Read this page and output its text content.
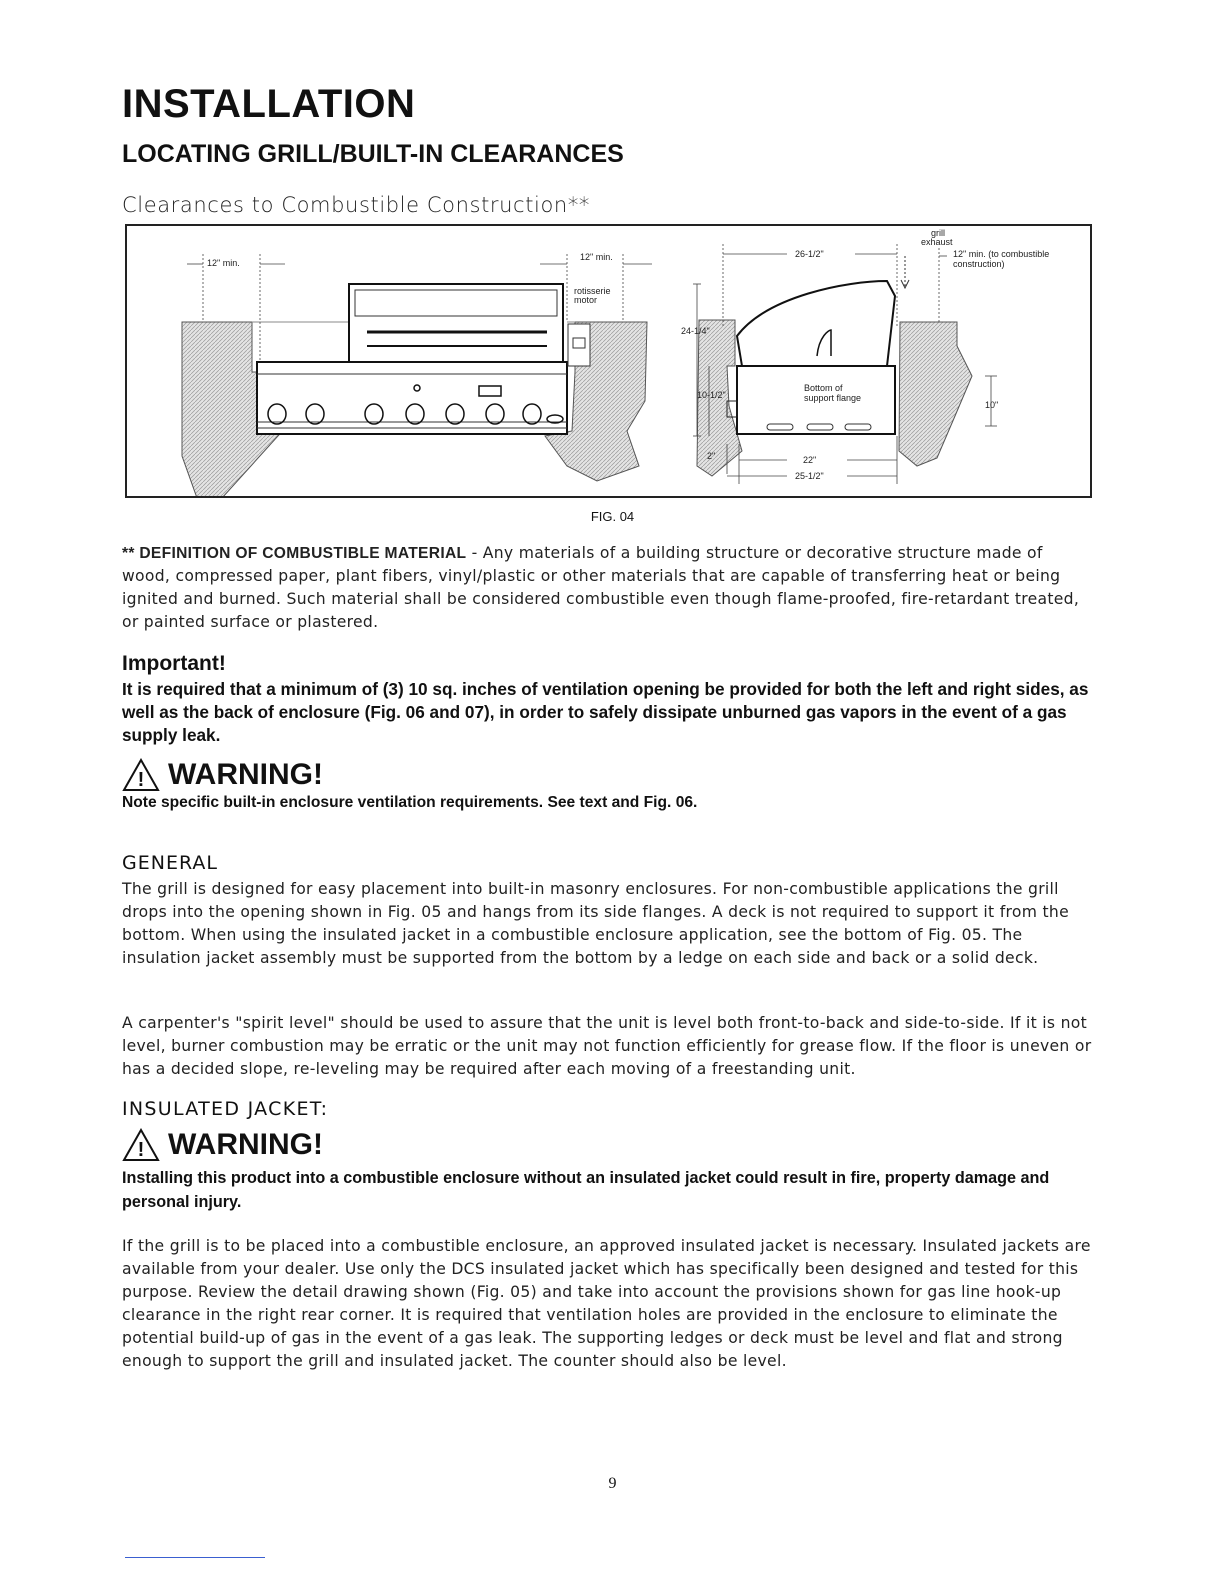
INSTALLATION
LOCATING GRILL/BUILT-IN CLEARANCES
Clearances to Combustible Construction**
12" min.
12" min.
rotisserie
motor
grill
exhaust
12" min. (to combustible
construction)
26-1/2"
24-1/4"
10-1/2"
10"
2"	22"
25-1/2"
Bottom of
support flange
FIG. 04
** DEFINITION OF COMBUSTIBLE MATERIAL - Any materials of a building structure or decorative structure made of wood, compressed paper, plant fibers, vinyl/plastic or other materials that are capable of transferring heat or being ignited and burned. Such material shall be considered combustible even though flame-proofed, fire-retardant treated, or painted surface or plastered.
Important!
It is required that a minimum of (3) 10 sq. inches of ventilation opening be provided for both the left and right sides, as well as the back of enclosure (Fig. 06 and 07), in order to safely dissipate unburned gas vapors in the event of a gas supply leak.
! WARNING!
Note specific built-in enclosure ventilation requirements. See text and Fig. 06.
GENERAL
The grill is designed for easy placement into built-in masonry enclosures. For non-combustible applications the grill drops into the opening shown in Fig. 05 and hangs from its side flanges. A deck is not required to support it from the bottom. When using the insulated jacket in a combustible enclosure application, see the bottom of Fig. 05. The insulation jacket assembly must be supported from the bottom by a ledge on each side and back or a solid deck.
A carpenter's "spirit level" should be used to assure that the unit is level both front-to-back and side-to-side. If it is not level, burner combustion may be erratic or the unit may not function efficiently for grease flow. If the floor is uneven or has a decided slope, re-leveling may be required after each moving of a freestanding unit.
INSULATED JACKET:
! WARNING!
Installing this product into a combustible enclosure without an insulated jacket could result in fire, property damage and personal injury.
If the grill is to be placed into a combustible enclosure, an approved insulated jacket is necessary. Insulated jackets are available from your dealer. Use only the DCS insulated jacket which has specifically been designed and tested for this purpose. Review the detail drawing shown (Fig. 05) and take into account the provisions shown for gas line hook-up clearance in the right rear corner. It is required that ventilation holes are provided in the enclosure to eliminate the potential build-up of gas in the event of a gas leak. The supporting ledges or deck must be level and flat and strong enough to support the grill and insulated jacket. The counter should also be level.
9
